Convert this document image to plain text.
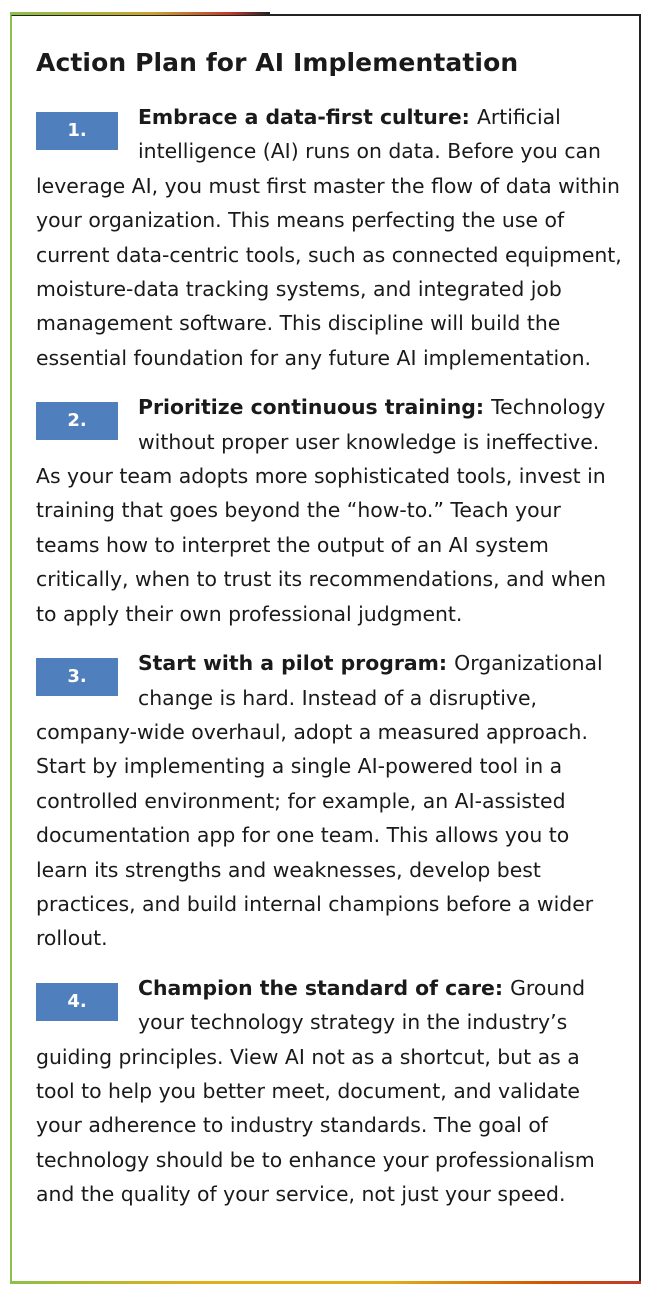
Action Plan for AI Implementation
1.
Embrace a data-first culture: Artificial intelligence (AI) runs on data. Before you can leverage AI, you must first master the flow of data within your organization. This means perfecting the use of current data-centric tools, such as connected equipment, moisture-data tracking systems, and integrated job management software. This discipline will build the essential foundation for any future AI implementation.
2.
Prioritize continuous training: Technology without proper user knowledge is ineffective. As your team adopts more sophisticated tools, invest in training that goes beyond the “how-to.” Teach your teams how to interpret the output of an AI system critically, when to trust its recommendations, and when to apply their own professional judgment.
3.
Start with a pilot program: Organizational change is hard. Instead of a disruptive, company-wide overhaul, adopt a measured approach. Start by implementing a single AI-powered tool in a controlled environment; for example, an AI-assisted documentation app for one team. This allows you to learn its strengths and weaknesses, develop best practices, and build internal champions before a wider rollout.
4.
Champion the standard of care: Ground your technology strategy in the industry’s guiding principles. View AI not as a shortcut, but as a tool to help you better meet, document, and validate your adherence to industry standards. The goal of technology should be to enhance your professionalism and the quality of your service, not just your speed.
